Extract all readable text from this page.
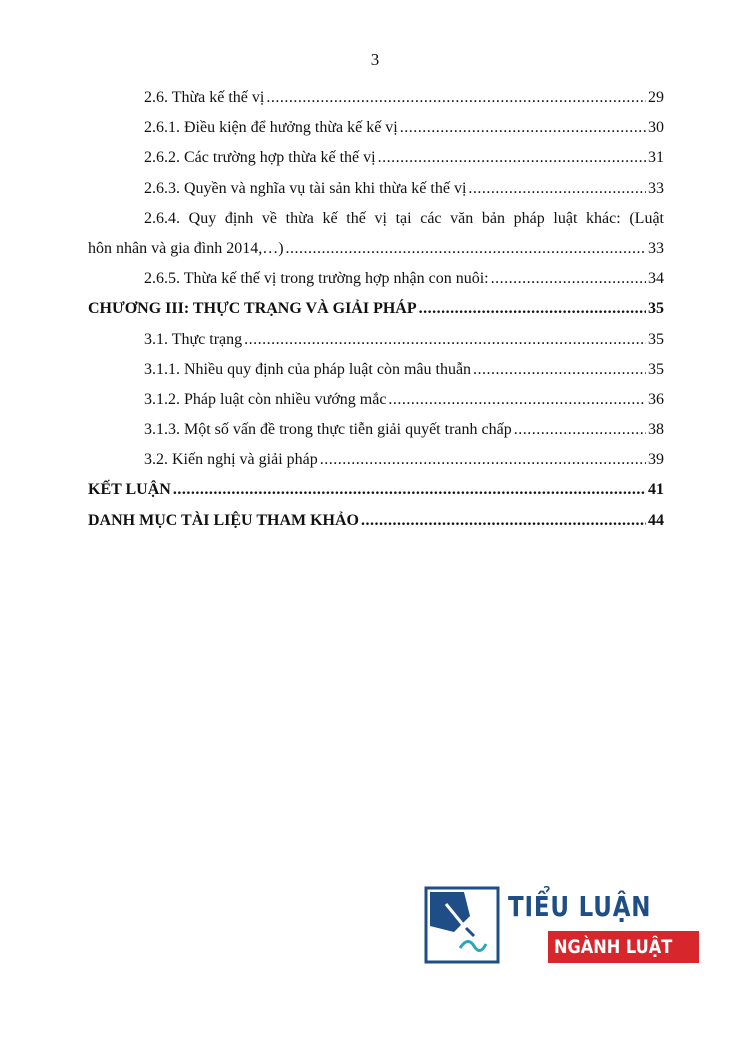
3
2.6. Thừa kế thế vị .....	29
2.6.1. Điều kiện để hưởng thừa kế kế vị .....	30
2.6.2. Các trường hợp thừa kế thế vị .....	31
2.6.3. Quyền và nghĩa vụ tài sản khi thừa kế thế vị .....	33
2.6.4. Quy định về thừa kế thế vị tại các văn bản pháp luật khác: (Luật
hôn nhân và gia đình 2014,…) .....	33
2.6.5. Thừa kế thế vị trong trường hợp nhận con nuôi: .....	34
CHƯƠNG III: THỰC TRẠNG VÀ GIẢI PHÁP .....	35
3.1. Thực trạng .....	35
3.1.1. Nhiều quy định của pháp luật còn mâu thuẫn .....	35
3.1.2. Pháp luật còn nhiều vướng mắc .....	36
3.1.3. Một số vấn đề trong thực tiễn giải quyết tranh chấp .....	38
3.2. Kiến nghị và giải pháp .....	39
KẾT LUẬN .....	41
DANH MỤC TÀI LIỆU THAM KHẢO .....	44
TIỂU LUẬN
NGÀNH LUẬT
